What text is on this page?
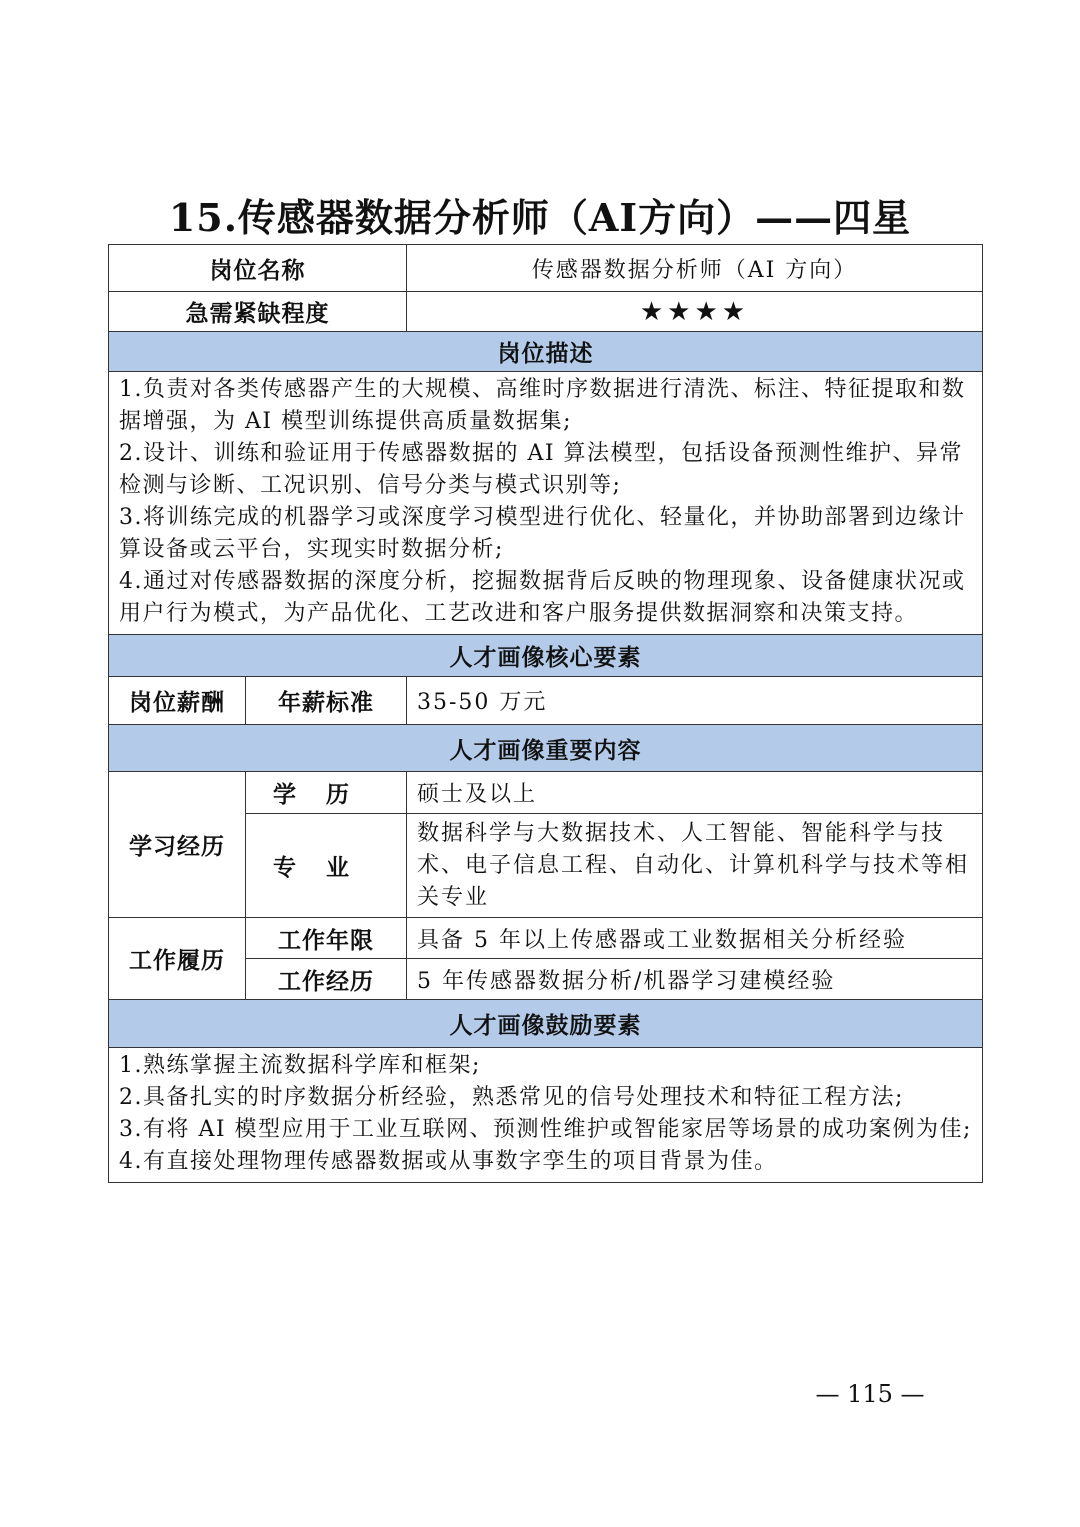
15.传感器数据分析师（AI方向）——四星
岗位名称		传感器数据分析师（AI 方向）
急需紧缺程度		★★★★
岗位描述		

1.负责对各类传感器产生的大规模、高维时序数据进行清洗、标注、特征提取和数据增强，为 AI 模型训练提供高质量数据集;

2.设计、训练和验证用于传感器数据的 AI 算法模型，包括设备预测性维护、异常检测与诊断、工况识别、信号分类与模式识别等;

3.将训练完成的机器学习或深度学习模型进行优化、轻量化，并协助部署到边缘计算设备或云平台，实现实时数据分析;

4.通过对传感器数据的深度分析，挖掘数据背后反映的物理现象、设备健康状况或用户行为模式，为产品优化、工艺改进和客户服务提供数据洞察和决策支持。		

人才画像核心要素		
岗位薪酬	年薪标准	35-50 万元
人才画像重要内容		
学习经历	学历	硕士及以上
	专业	数据科学与大数据技术、人工智能、智能科学与技术、电子信息工程、自动化、计算机科学与技术等相关专业
工作履历	工作年限	具备 5 年以上传感器或工业数据相关分析经验
	工作经历	5 年传感器数据分析/机器学习建模经验
人才画像鼓励要素		

1.熟练掌握主流数据科学库和框架;

2.具备扎实的时序数据分析经验，熟悉常见的信号处理技术和特征工程方法;

3.有将 AI 模型应用于工业互联网、预测性维护或智能家居等场景的成功案例为佳;

4.有直接处理物理传感器数据或从事数字孪生的项目背景为佳。		

— 115 —
